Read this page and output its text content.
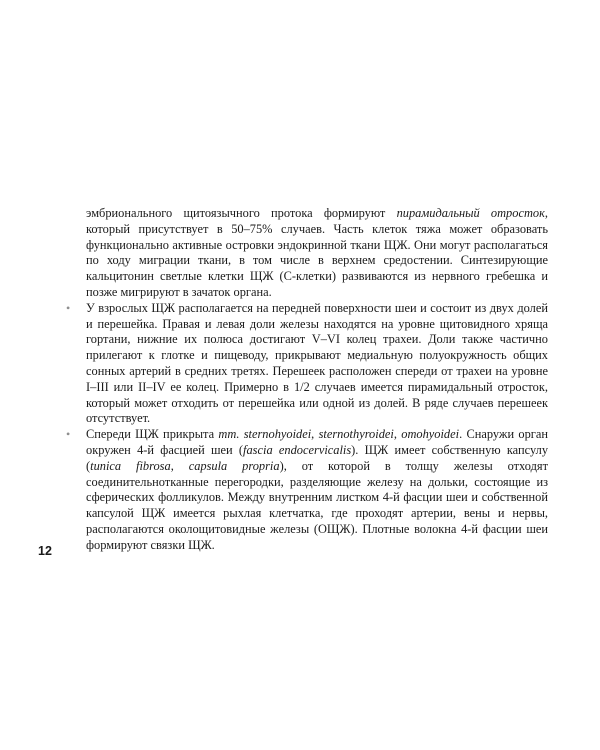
эмбрионального щитоязычного протока формируют пирамидальный отросток, который присутствует в 50–75% случаев. Часть клеток тяжа может образовать функционально активные островки эндокринной ткани ЩЖ. Они могут располагаться по ходу миграции ткани, в том числе в верхнем средостении. Синтезирующие кальцитонин светлые клетки ЩЖ (С-клетки) развиваются из нервного гребешка и позже мигрируют в зачаток органа.

• У взрослых ЩЖ располагается на передней поверхности шеи и состоит из двух долей и перешейка. Правая и левая доли железы находятся на уровне щитовидного хряща гортани, нижние их полюса достигают V–VI колец трахеи. Доли также частично прилегают к глотке и пищеводу, прикрывают медиальную полуокружность общих сонных артерий в средних третях. Перешеек расположен спереди от трахеи на уровне I–III или II–IV ее колец. Примерно в 1/2 случаев имеется пирамидальный отросток, который может отходить от перешейка или одной из долей. В ряде случаев перешеек отсутствует.
• Спереди ЩЖ прикрыта mm. sternohyoidei, sternothyroidei, omohyoidei. Снаружи орган окружен 4-й фасцией шеи (fascia endocervicalis). ЩЖ имеет собственную капсулу (tunica fibrosa, capsula propria), от которой в толщу железы отходят соединительнотканные перегородки, разделяющие железу на дольки, состоящие из сферических фолликулов. Между внутренним листком 4-й фасции шеи и собственной капсулой ЩЖ имеется рыхлая клетчатка, где проходят артерии, вены и нервы, располагаются околощитовидные железы (ОЩЖ). Плотные волокна 4-й фасции шеи формируют связки ЩЖ.
12
